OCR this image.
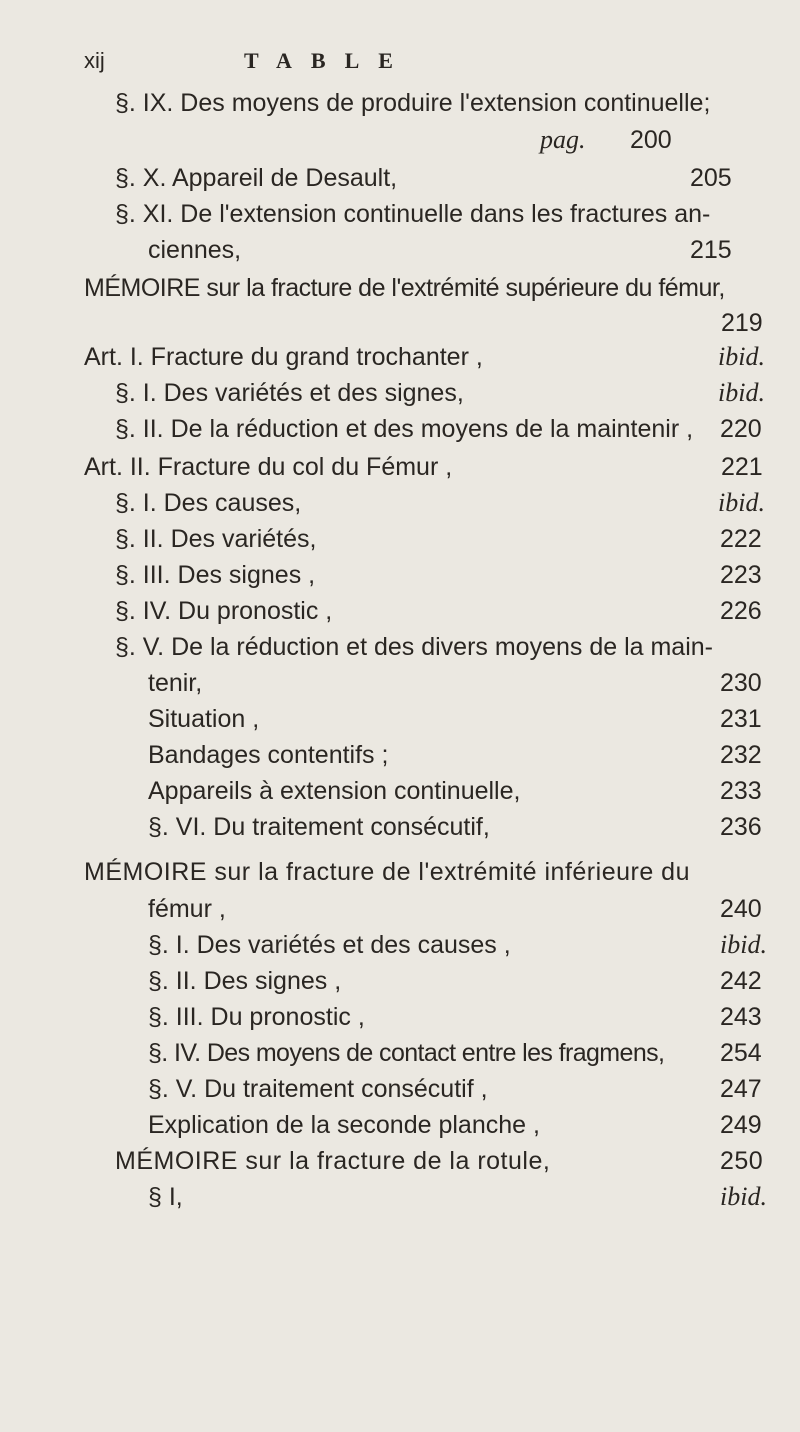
xij	TABLE
§. IX. Des moyens de produire l'extension continuelle;
pag. 200
§. X. Appareil de Desault,	205
§. XI. De l'extension continuelle dans les fractures an-
ciennes,	215
MÉMOIRE sur la fracture de l'extrémité supérieure du fémur,
219
Art. I. Fracture du grand trochanter ,	ibid.
§. I. Des variétés et des signes,	ibid.
§. II. De la réduction et des moyens de la maintenir , 220
Art. II. Fracture du col du Fémur ,	221
§. I. Des causes,	ibid.
§. II. Des variétés,	222
§. III. Des signes ,	223
§. IV. Du pronostic ,	226
§. V. De la réduction et des divers moyens de la main-
tenir,	230
Situation ,	231
Bandages contentifs ;	232
Appareils à extension continuelle,	233
§. VI. Du traitement consécutif,	236
MÉMOIRE sur la fracture de l'extrémité inférieure du
fémur ,	240
§. I. Des variétés et des causes ,	ibid.
§. II. Des signes ,	242
§. III. Du pronostic ,	243
§. IV. Des moyens de contact entre les fragmens, 254
§. V. Du traitement consécutif ,	247
Explication de la seconde planche ,	249
MÉMOIRE sur la fracture de la rotule,	250
§ I,	ibid.
